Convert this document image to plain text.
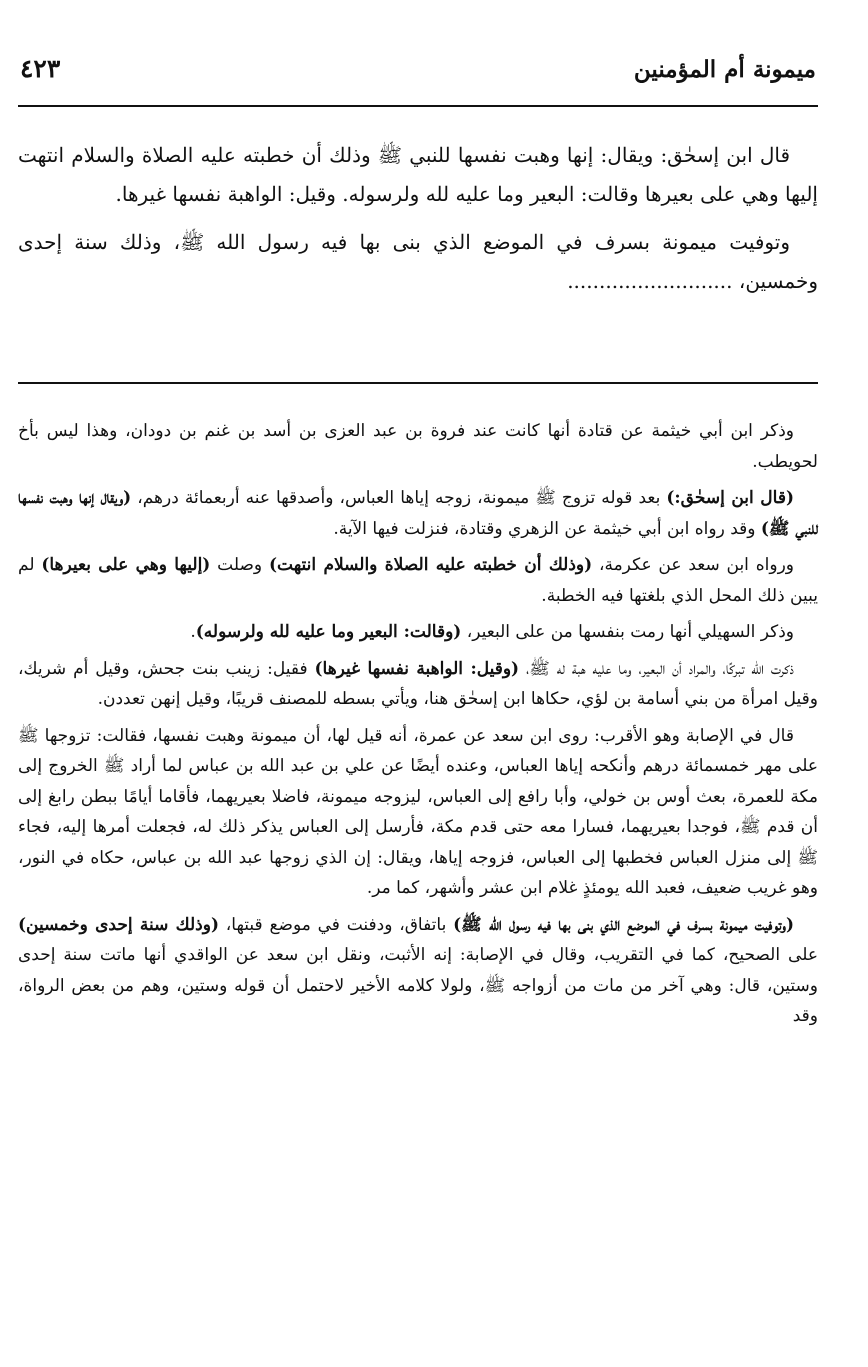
ميمونة أم المؤمنين
٤٢٣

قال ابن إسحٰق: ويقال: إنها وهبت نفسها للنبي ﷺ وذلك أن خطبته عليه الصلاة والسلام انتهت إليها وهي على بعيرها وقالت: البعير وما عليه لله ولرسوله. وقيل: الواهبة نفسها غيرها.

وتوفيت ميمونة بسرف في الموضع الذي بنى بها فيه رسول الله ﷺ، وذلك سنة إحدى وخمسين، ..........................

وذكر ابن أبي خيثمة عن قتادة أنها كانت عند فروة بن عبد العزى بن أسد بن غنم بن دودان، وهذا ليس بأخ لحويطب.

(قال ابن إسحٰق:) بعد قوله تزوج ﷺ ميمونة، زوجه إياها العباس، وأصدقها عنه أربعمائة درهم، (ويقال إنها وهبت نفسها للنبي ﷺ) وقد رواه ابن أبي خيثمة عن الزهري وقتادة، فنزلت فيها الآية.

ورواه ابن سعد عن عكرمة، (وذلك أن خطبته عليه الصلاة والسلام انتهت) وصلت (إليها وهي على بعيرها) لم يبين ذلك المحل الذي بلغتها فيه الخطبة.

وذكر السهيلي أنها رمت بنفسها من على البعير، (وقالت: البعير وما عليه لله ولرسوله).

ذكرت الله تبركًا، والمراد أن البعير، وما عليه هبة له ﷺ، (وقيل: الواهبة نفسها غيرها) فقيل: زينب بنت جحش، وقيل أم شريك، وقيل امرأة من بني أسامة بن لؤي، حكاها ابن إسحٰق هنا، ويأتي بسطه للمصنف قريبًا، وقيل إنهن تعددن.

قال في الإصابة وهو الأقرب: روى ابن سعد عن عمرة، أنه قيل لها، أن ميمونة وهبت نفسها، فقالت: تزوجها ﷺ على مهر خمسمائة درهم وأنكحه إياها العباس، وعنده أيضًا عن علي بن عبد الله بن عباس لما أراد ﷺ الخروج إلى مكة للعمرة، بعث أوس بن خولي، وأبا رافع إلى العباس، ليزوجه ميمونة، فاضلا بعيريهما، فأقاما أيامًا ببطن رابغ إلى أن قدم ﷺ، فوجدا بعيريهما، فسارا معه حتى قدم مكة، فأرسل إلى العباس يذكر ذلك له، فجعلت أمرها إليه، فجاء ﷺ إلى منزل العباس فخطبها إلى العباس، فزوجه إياها، ويقال: إن الذي زوجها عبد الله بن عباس، حكاه في النور، وهو غريب ضعيف، فعبد الله يومئذٍ غلام ابن عشر وأشهر، كما مر.

(وتوفيت ميمونة بسرف في الموضع الذي بنى بها فيه رسول الله ﷺ) باتفاق، ودفنت في موضع قبتها، (وذلك سنة إحدى وخمسين) على الصحيح، كما في التقريب، وقال في الإصابة: إنه الأثبت، ونقل ابن سعد عن الواقدي أنها ماتت سنة إحدى وستين، قال: وهي آخر من مات من أزواجه ﷺ، ولولا كلامه الأخير لاحتمل أن قوله وستين، وهم من بعض الرواة، وقد
